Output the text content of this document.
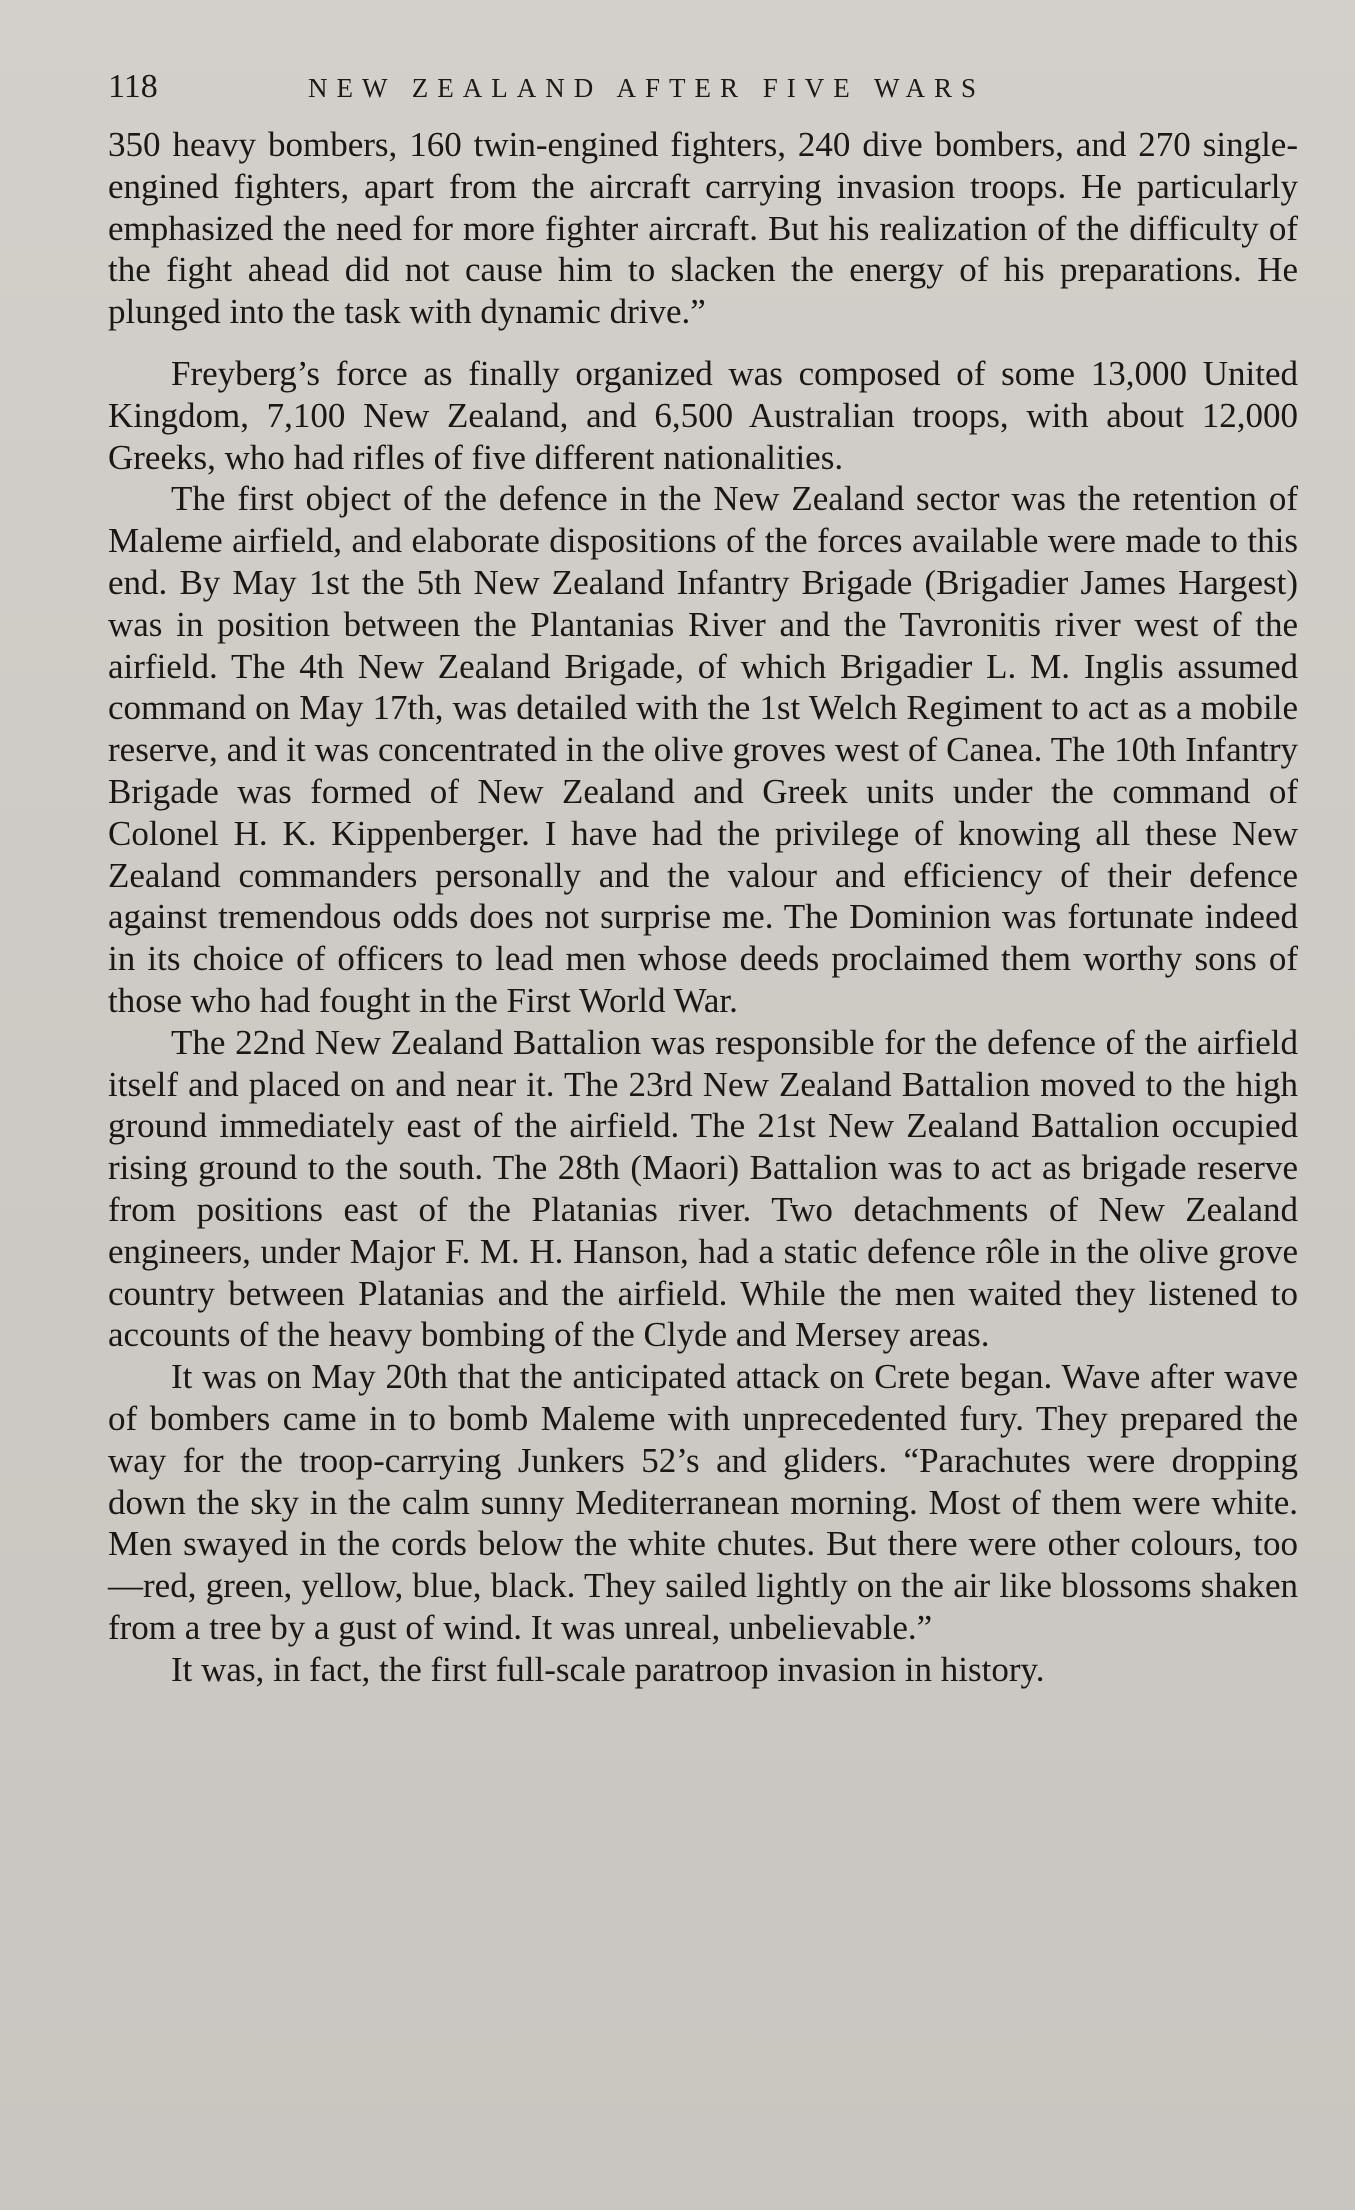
118	NEW ZEALAND AFTER FIVE WARS

350 heavy bombers, 160 twin-engined fighters, 240 dive bombers, and 270 single-engined fighters, apart from the aircraft carrying invasion troops. He particularly emphasized the need for more fighter aircraft. But his realization of the difficulty of the fight ahead did not cause him to slacken the energy of his preparations. He plunged into the task with dynamic drive.”

Freyberg’s force as finally organized was composed of some 13,000 United Kingdom, 7,100 New Zealand, and 6,500 Australian troops, with about 12,000 Greeks, who had rifles of five different nationalities.

The first object of the defence in the New Zealand sector was the retention of Maleme airfield, and elaborate dispositions of the forces available were made to this end. By May 1st the 5th New Zealand Infantry Brigade (Brigadier James Hargest) was in position between the Plantanias River and the Tavronitis river west of the airfield. The 4th New Zealand Brigade, of which Brigadier L. M. Inglis assumed command on May 17th, was detailed with the 1st Welch Regiment to act as a mobile reserve, and it was concentrated in the olive groves west of Canea. The 10th Infantry Brigade was formed of New Zealand and Greek units under the command of Colonel H. K. Kippenberger. I have had the privilege of knowing all these New Zealand commanders personally and the valour and efficiency of their defence against tremendous odds does not surprise me. The Dominion was fortunate indeed in its choice of officers to lead men whose deeds proclaimed them worthy sons of those who had fought in the First World War.

The 22nd New Zealand Battalion was responsible for the defence of the airfield itself and placed on and near it. The 23rd New Zealand Battalion moved to the high ground immediately east of the airfield. The 21st New Zealand Battalion occupied rising ground to the south. The 28th (Maori) Battalion was to act as brigade reserve from positions east of the Platanias river. Two detachments of New Zealand engineers, under Major F. M. H. Hanson, had a static defence rôle in the olive grove country between Platanias and the airfield. While the men waited they listened to accounts of the heavy bombing of the Clyde and Mersey areas.

It was on May 20th that the anticipated attack on Crete began. Wave after wave of bombers came in to bomb Maleme with unprecedented fury. They prepared the way for the troop-carrying Junkers 52’s and gliders. “Parachutes were dropping down the sky in the calm sunny Mediterranean morning. Most of them were white. Men swayed in the cords below the white chutes. But there were other colours, too—red, green, yellow, blue, black. They sailed lightly on the air like blossoms shaken from a tree by a gust of wind. It was unreal, unbelievable.”

It was, in fact, the first full-scale paratroop invasion in history.
